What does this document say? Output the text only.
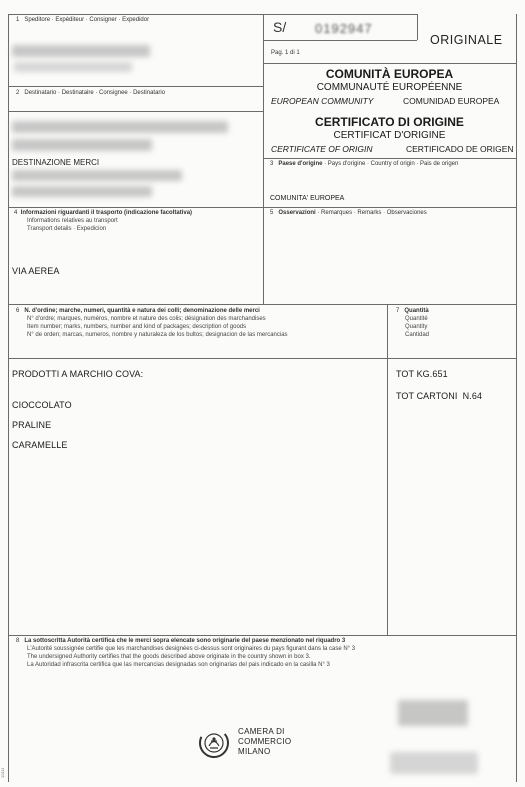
1 Speditore · Expéditeur · Consigner · Expedidor	S/ 0192947
Pag. 1 di 1
ORIGINALE
2 Destinatario · Destinataire · Consignee · Destinatario
DESTINAZIONE MERCI
COMUNITÀ EUROPEA
COMMUNAUTÉ EUROPÉENNE
EUROPEAN COMMUNITY	COMUNIDAD EUROPEA
CERTIFICATO DI ORIGINE
CERTIFICAT D'ORIGINE
CERTIFICATE OF ORIGIN	CERTIFICADO DE ORIGEN
3 Paese d'origine · Pays d'origine · Country of origin · Pais de origen
COMUNITA' EUROPEA
4 Informazioni riguardanti il trasporto (indicazione facoltativa)
Informations relatives au transport
Transport details · Expedicion
VIA AEREA
5 Osservazioni · Remarques · Remarks · Observaciones
6 N. d'ordine; marche, numeri, quantità e natura dei colli; denominazione delle merci
N° d'ordre; marques, numéros, nombre et nature des colis; désignation des marchandises
Item number; marks, numbers, number and kind of packages; description of goods
N° de orden; marcas, numeros, nombre y naturaleza de los bultos; designacion de las mercancias
7 Quantità
Quantité
Quantity
Cantidad
PRODOTTI A MARCHIO COVA:
CIOCCOLATO
PRALINE
CARAMELLE
TOT KG.651
TOT CARTONI  N.64
8 La sottoscritta Autorità certifica che le merci sopra elencate sono originarie del paese menzionato nel riquadro 3
L'Autorité soussignée certifie que les marchandises designées ci-dessus sont originaires du pays figurant dans la case N° 3
The undersigned Authority certifies that the goods described above originate in the country shown in box 3.
La Autoridad infrascrita certifica que las mercancias designadas son originarias del pais indicado en la casilla N° 3
CAMERA DI
COMMERCIO
MILANO
10111
